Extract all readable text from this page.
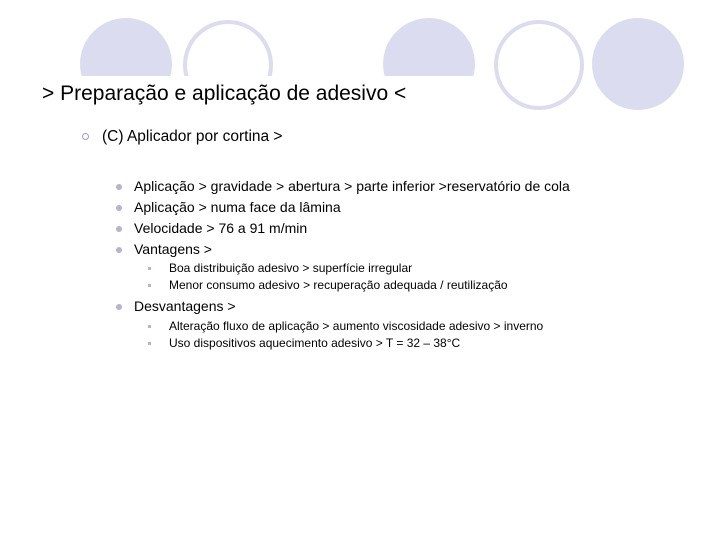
> Preparação e aplicação de adesivo <
(C) Aplicador por cortina >
Aplicação > gravidade > abertura > parte inferior >reservatório de cola
Aplicação > numa face da lâmina
Velocidade > 76 a 91 m/min
Vantagens >
Boa distribuição adesivo > superfície irregular
Menor consumo adesivo > recuperação adequada / reutilização
Desvantagens >
Alteração fluxo de aplicação > aumento viscosidade adesivo > inverno
Uso dispositivos aquecimento adesivo > T = 32 – 38°C
